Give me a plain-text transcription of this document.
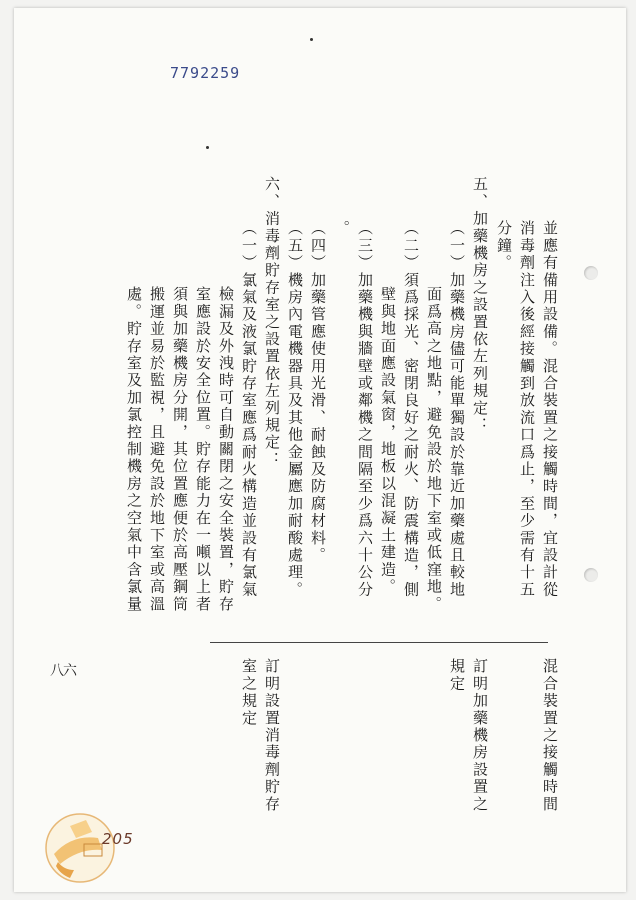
7792259
並應有備用設備。混合裝置之接觸時間，宜設計從
消毒劑注入後經接觸到放流口爲止，至少需有十五
分鐘。
五、加藥機房之設置依左列規定：
（一）加藥機房儘可能單獨設於靠近加藥處且較地
面爲高之地點，避免設於地下室或低窪地。
（二）須爲採光、密閉良好之耐火、防震構造，側
壁與地面應設氣窗，地板以混凝土建造。
（三）加藥機與牆壁或鄰機之間隔至少爲六十公分
。
（四）加藥管應使用光滑、耐蝕及防腐材料。
（五）機房內電機器具及其他金屬應加耐酸處理。
六、消毒劑貯存室之設置依左列規定：
（一）氯氣及液氯貯存室應爲耐火構造並設有氯氣
檢漏及外洩時可自動關閉之安全裝置，貯存
室應設於安全位置。貯存能力在一噸以上者
須與加藥機房分開，其位置應便於高壓鋼筒
搬運並易於監視，且避免設於地下室或高溫
處。貯存室及加氯控制機房之空氣中含氯量
混合裝置之接觸時間
訂明加藥機房設置之
規定
訂明設置消毒劑貯存
室之規定
八六
205
